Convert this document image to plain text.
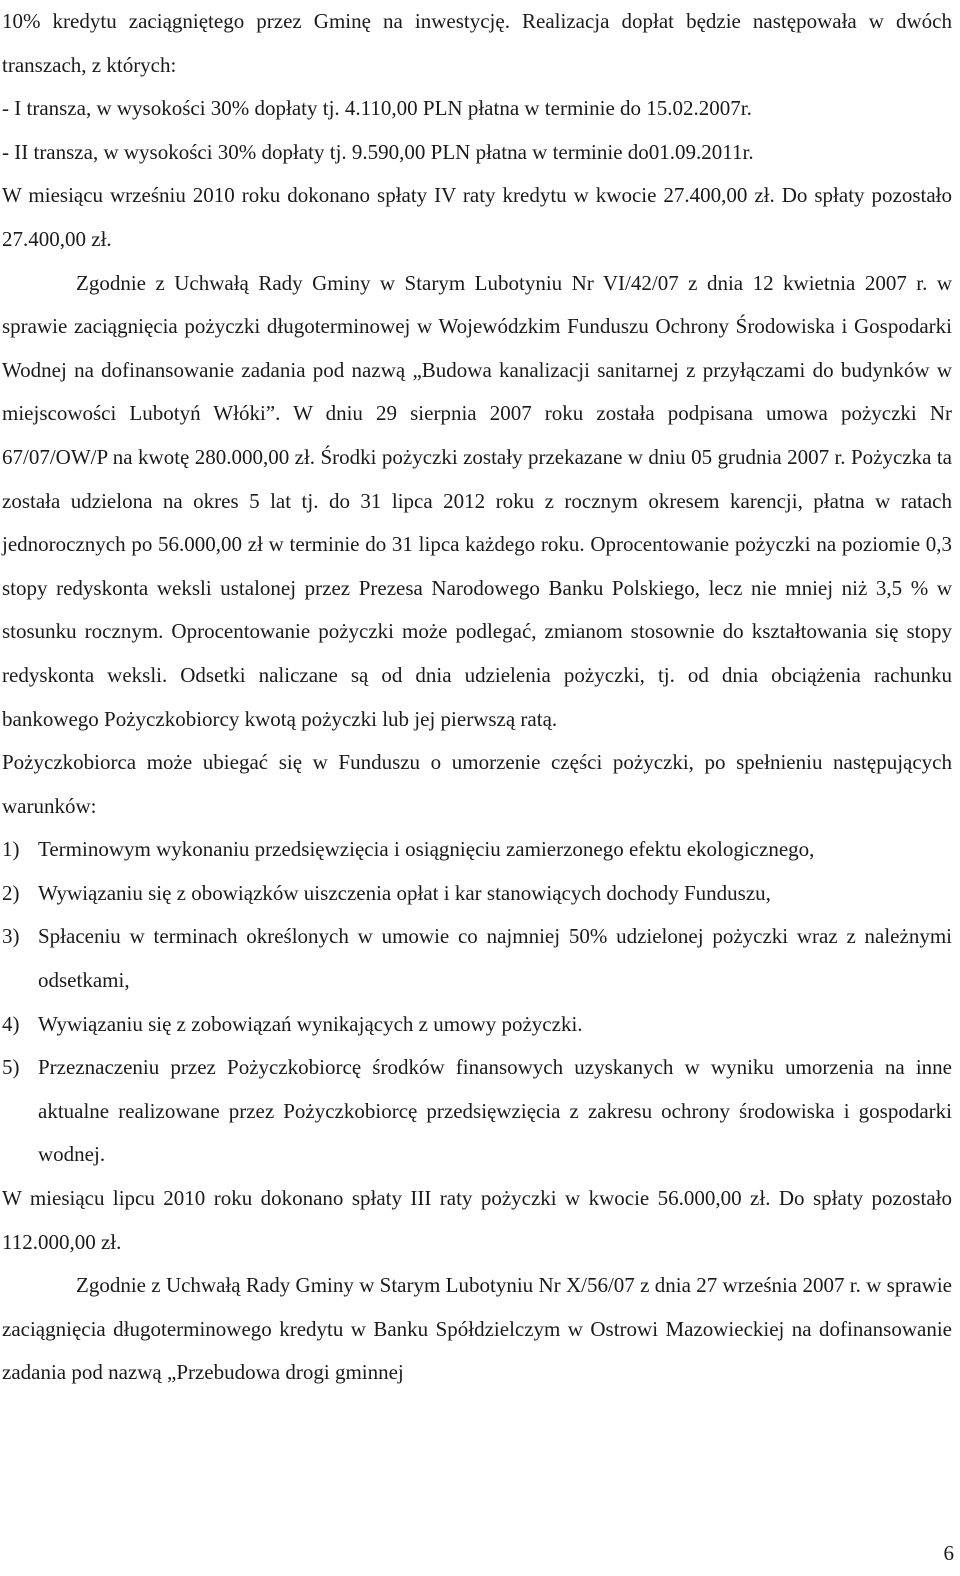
10% kredytu zaciągniętego przez Gminę na inwestycję. Realizacja dopłat będzie następowała w dwóch transzach, z których:

- I transza, w wysokości 30% dopłaty tj. 4.110,00 PLN płatna w terminie do 15.02.2007r.

- II transza, w wysokości 30% dopłaty tj. 9.590,00 PLN płatna w terminie do01.09.2011r.

W miesiącu wrześniu 2010 roku dokonano spłaty IV raty kredytu w kwocie 27.400,00 zł. Do spłaty pozostało 27.400,00 zł.

Zgodnie z Uchwałą Rady Gminy w Starym Lubotyniu Nr VI/42/07 z dnia 12 kwietnia 2007 r. w sprawie zaciągnięcia pożyczki długoterminowej w Wojewódzkim Funduszu Ochrony Środowiska i Gospodarki Wodnej na dofinansowanie zadania pod nazwą „Budowa kanalizacji sanitarnej z przyłączami do budynków w miejscowości Lubotyń Włóki”. W dniu 29 sierpnia 2007 roku została podpisana umowa pożyczki Nr 67/07/OW/P na kwotę 280.000,00 zł. Środki pożyczki zostały przekazane w dniu 05 grudnia 2007 r. Pożyczka ta została udzielona na okres 5 lat tj. do 31 lipca 2012 roku z rocznym okresem karencji, płatna w ratach jednorocznych po 56.000,00 zł w terminie do 31 lipca każdego roku. Oprocentowanie pożyczki na poziomie 0,3 stopy redyskonta weksli ustalonej przez Prezesa Narodowego Banku Polskiego, lecz nie mniej niż 3,5 % w stosunku rocznym. Oprocentowanie pożyczki może podlegać, zmianom stosownie do kształtowania się stopy redyskonta weksli. Odsetki naliczane są od dnia udzielenia pożyczki, tj. od dnia obciążenia rachunku bankowego Pożyczkobiorcy kwotą pożyczki lub jej pierwszą ratą.

Pożyczkobiorca może ubiegać się w Funduszu o umorzenie części pożyczki, po spełnieniu następujących warunków:

1) Terminowym wykonaniu przedsięwzięcia i osiągnięciu zamierzonego efektu ekologicznego,
2) Wywiązaniu się z obowiązków uiszczenia opłat i kar stanowiących dochody Funduszu,
3) Spłaceniu w terminach określonych w umowie co najmniej 50% udzielonej pożyczki wraz z należnymi odsetkami,
4) Wywiązaniu się z zobowiązań wynikających z umowy pożyczki.
5) Przeznaczeniu przez Pożyczkobiorcę środków finansowych uzyskanych w wyniku umorzenia na inne aktualne realizowane przez Pożyczkobiorcę przedsięwzięcia z zakresu ochrony środowiska i gospodarki wodnej.

W miesiącu lipcu 2010 roku dokonano spłaty III raty pożyczki w kwocie 56.000,00 zł. Do spłaty pozostało 112.000,00 zł.

Zgodnie z Uchwałą Rady Gminy w Starym Lubotyniu Nr X/56/07 z dnia 27 września 2007 r. w sprawie zaciągnięcia długoterminowego kredytu w Banku Spółdzielczym w Ostrowi Mazowieckiej na dofinansowanie zadania pod nazwą „Przebudowa drogi gminnej

6
